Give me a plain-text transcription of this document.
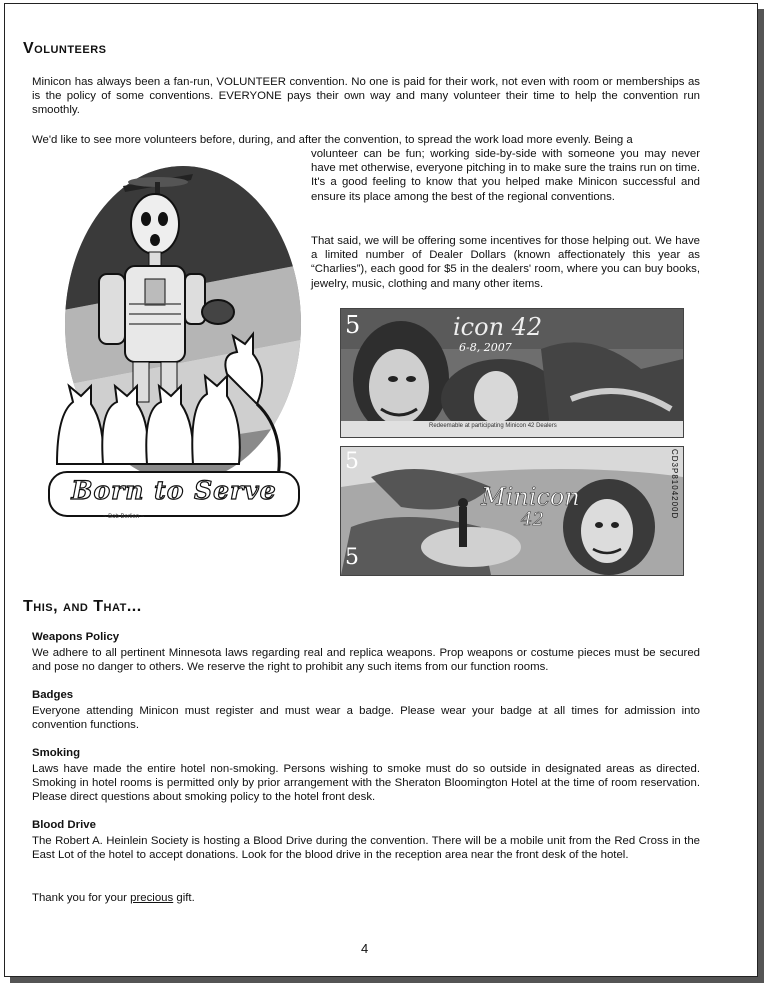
Volunteers
Minicon has always been a fan-run, VOLUNTEER convention. No one is paid for their work, not even with room or memberships as is the policy of some conventions. EVERYONE pays their own way and many volunteer their time to help the convention run smoothly.
We'd like to see more volunteers before, during, and after the convention, to spread the work load more evenly. Being a
volunteer can be fun; working side-by-side with someone you may never have met otherwise, everyone pitching in to make sure the trains run on time. It's a good feeling to know that you helped make Minicon successful and ensure its place among the best of the regional conventions.
That said, we will be offering some incentives for those helping out. We have a limited number of Dealer Dollars (known affectionately this year as “Charlies”), each good for $5 in the dealers' room, where you can buy books, jewelry, music, clothing and many other items.
Born to Serve
~ Bob Berlien ~
5	icon 42
6-8, 2007
Redeemable at participating Minicon 42 Dealers
5
5
Minicon
42
CD3P8104200D
This, and That...
Weapons Policy
We adhere to all pertinent Minnesota laws regarding real and replica weapons. Prop weapons or costume pieces must be secured and pose no danger to others. We reserve the right to prohibit any such items from our function rooms.
Badges
Everyone attending Minicon must register and must wear a badge. Please wear your badge at all times for admission into convention functions.
Smoking
Laws have made the entire hotel non-smoking. Persons wishing to smoke must do so outside in designated areas as directed. Smoking in hotel rooms is permitted only by prior arrangement with the Sheraton Bloomington Hotel at the time of room reservation. Please direct questions about smoking policy to the hotel front desk.
Blood Drive
The Robert A. Heinlein Society is hosting a Blood Drive during the convention. There will be a mobile unit from the Red Cross in the East Lot of the hotel to accept donations. Look for the blood drive in the reception area near the front desk of the hotel.
Thank you for your precious gift.
4
